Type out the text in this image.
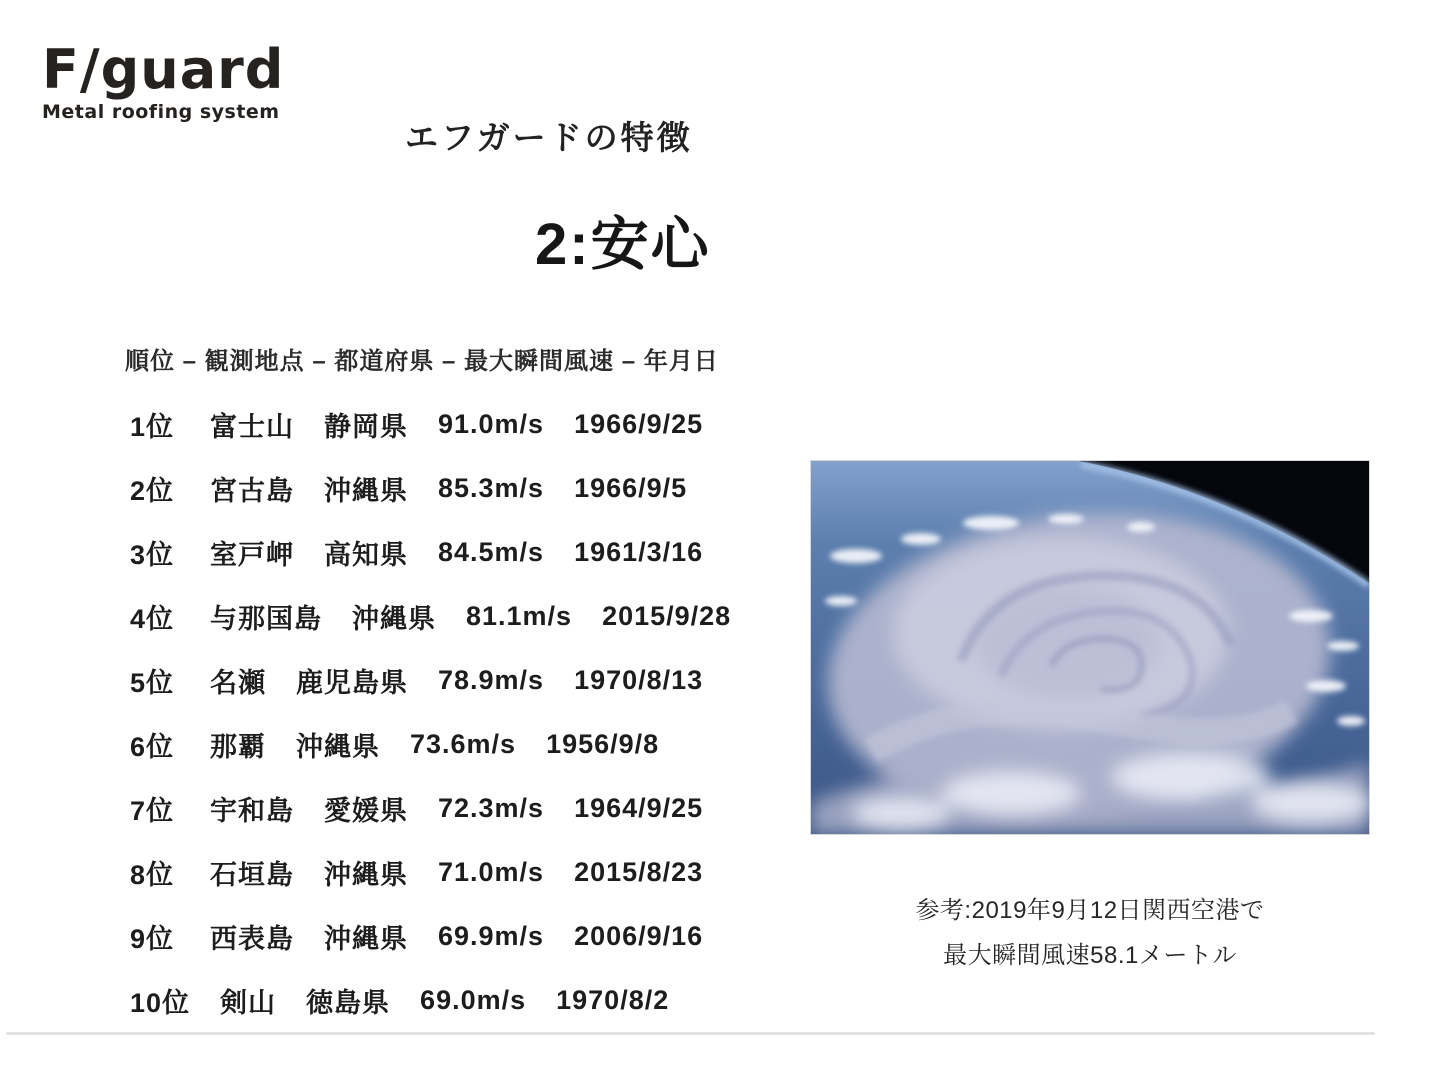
F/guard
Metal roofing system
エフガードの特徴
2:安心
順位 – 観測地点 – 都道府県 – 最大瞬間風速 – 年月日
1位 富士山 静岡県 91.0m/s 1966/9/25
2位 宮古島 沖縄県 85.3m/s 1966/9/5
3位 室戸岬 高知県 84.5m/s 1961/3/16
4位 与那国島 沖縄県 81.1m/s 2015/9/28
5位 名瀬 鹿児島県 78.9m/s 1970/8/13
6位 那覇 沖縄県 73.6m/s 1956/9/8
7位 宇和島 愛媛県 72.3m/s 1964/9/25
8位 石垣島 沖縄県 71.0m/s 2015/8/23
9位 西表島 沖縄県 69.9m/s 2006/9/16
10位 剣山 徳島県 69.0m/s 1970/8/2
参考:2019年9月12日関西空港で
最大瞬間風速58.1メートル
